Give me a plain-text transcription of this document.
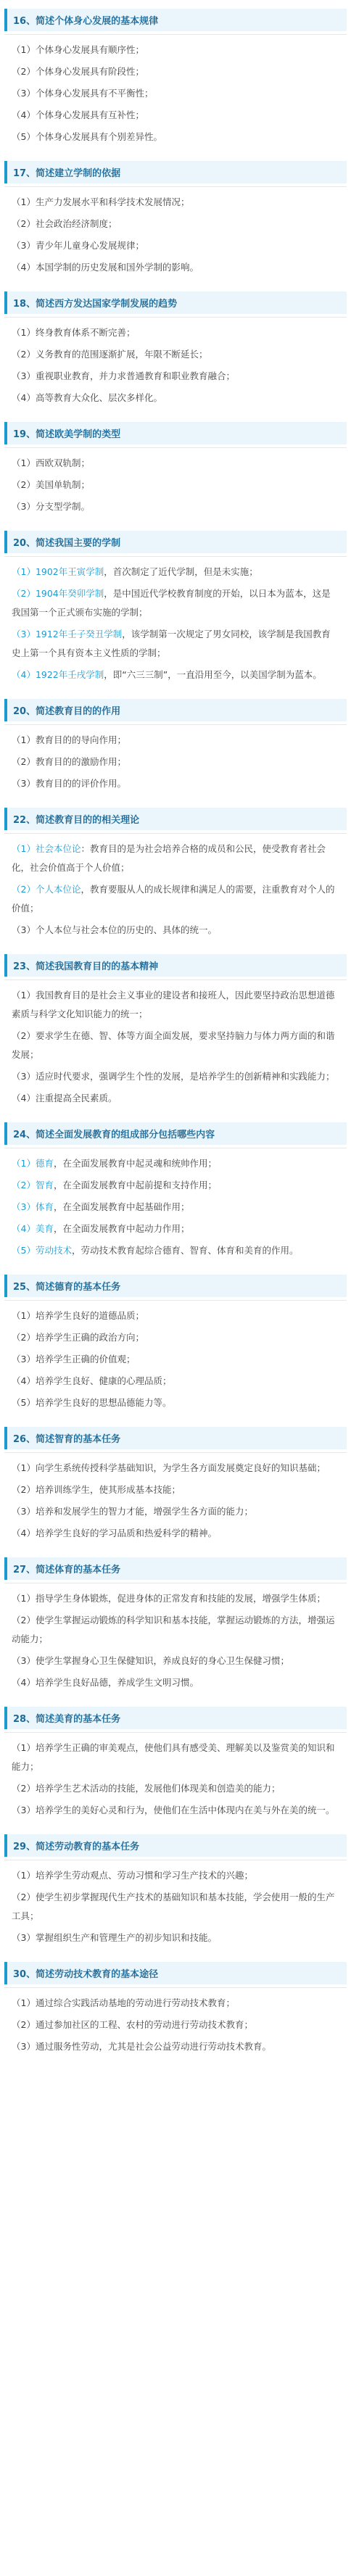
16、简述个体身心发展的基本规律
（1）个体身心发展具有顺序性；
（2）个体身心发展具有阶段性；
（3）个体身心发展具有不平衡性；
（4）个体身心发展具有互补性；
（5）个体身心发展具有个别差异性。
17、简述建立学制的依据
（1）生产力发展水平和科学技术发展情况；
（2）社会政治经济制度；
（3）青少年儿童身心发展规律；
（4）本国学制的历史发展和国外学制的影响。
18、简述西方发达国家学制发展的趋势
（1）终身教育体系不断完善；
（2）义务教育的范围逐渐扩展，年限不断延长；
（3）重视职业教育，并力求普通教育和职业教育融合；
（4）高等教育大众化、层次多样化。
19、简述欧美学制的类型
（1）西欧双轨制；
（2）美国单轨制；
（3）分支型学制。
20、简述我国主要的学制
（1）1902年王寅学制，首次制定了近代学制，但是未实施；
（2）1904年癸卯学制，是中国近代学校教育制度的开始，以日本为蓝本，这是我国第一个正式颁布实施的学制；
（3）1912年壬子癸丑学制，该学制第一次规定了男女同校，该学制是我国教育史上第一个具有资本主义性质的学制；
（4）1922年壬戌学制，即“六三三制”，一直沿用至今，以美国学制为蓝本。
20、简述教育目的的作用
（1）教育目的的导向作用；
（2）教育目的的激励作用；
（3）教育目的的评价作用。
22、简述教育目的的相关理论
（1）社会本位论：教育目的是为社会培养合格的成员和公民，使受教育者社会化，社会价值高于个人价值；
（2）个人本位论，教育要服从人的成长规律和满足人的需要，注重教育对个人的价值；
（3）个人本位与社会本位的历史的、具体的统一。
23、简述我国教育目的的基本精神
（1）我国教育目的是社会主义事业的建设者和接班人，因此要坚持政治思想道德素质与科学文化知识能力的统一；
（2）要求学生在德、智、体等方面全面发展，要求坚持脑力与体力两方面的和谐发展；
（3）适应时代要求，强调学生个性的发展，是培养学生的创新精神和实践能力；
（4）注重提高全民素质。
24、简述全面发展教育的组成部分包括哪些内容
（1）德育，在全面发展教育中起灵魂和统帅作用；
（2）智育，在全面发展教育中起前提和支持作用；
（3）体育，在全面发展教育中起基础作用；
（4）美育，在全面发展教育中起动力作用；
（5）劳动技术，劳动技术教育起综合德育、智育、体育和美育的作用。
25、简述德育的基本任务
（1）培养学生良好的道德品质；
（2）培养学生正确的政治方向；
（3）培养学生正确的价值观；
（4）培养学生良好、健康的心理品质；
（5）培养学生良好的思想品德能力等。
26、简述智育的基本任务
（1）向学生系统传授科学基础知识，为学生各方面发展奠定良好的知识基础；
（2）培养训练学生，使其形成基本技能；
（3）培养和发展学生的智力才能，增强学生各方面的能力；
（4）培养学生良好的学习品质和热爱科学的精神。
27、简述体育的基本任务
（1）指导学生身体锻炼，促进身体的正常发育和技能的发展，增强学生体质；
（2）使学生掌握运动锻炼的科学知识和基本技能，掌握运动锻炼的方法，增强运动能力；
（3）使学生掌握身心卫生保健知识，养成良好的身心卫生保健习惯；
（4）培养学生良好品德，养成学生文明习惯。
28、简述美育的基本任务
（1）培养学生正确的审美观点，使他们具有感受美、理解美以及鉴赏美的知识和能力；
（2）培养学生艺术活动的技能，发展他们体现美和创造美的能力；
（3）培养学生的美好心灵和行为，使他们在生活中体现内在美与外在美的统一。
29、简述劳动教育的基本任务
（1）培养学生劳动观点、劳动习惯和学习生产技术的兴趣；
（2）使学生初步掌握现代生产技术的基础知识和基本技能，学会使用一般的生产工具；
（3）掌握组织生产和管理生产的初步知识和技能。
30、简述劳动技术教育的基本途径
（1）通过综合实践活动基地的劳动进行劳动技术教育；
（2）通过参加社区的工程、农村的劳动进行劳动技术教育；
（3）通过服务性劳动，尤其是社会公益劳动进行劳动技术教育。
